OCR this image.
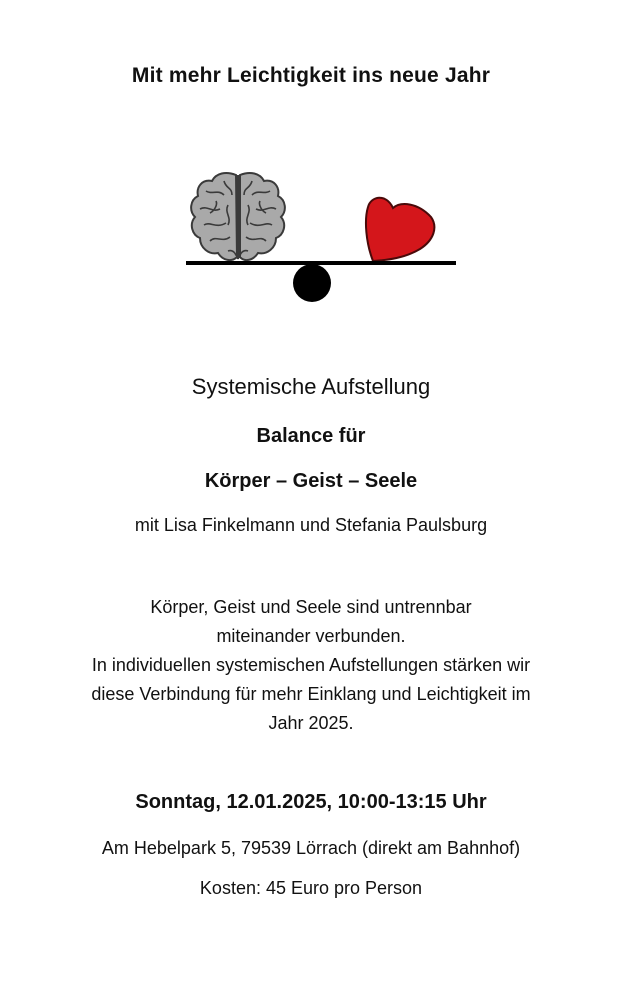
Mit mehr Leichtigkeit ins neue Jahr
Systemische Aufstellung
Balance für
Körper – Geist – Seele
mit Lisa Finkelmann und Stefania Paulsburg
Körper, Geist und Seele sind untrennbar
miteinander verbunden.
In individuellen systemischen Aufstellungen stärken wir
diese Verbindung für mehr Einklang und Leichtigkeit im
Jahr 2025.
Sonntag, 12.01.2025, 10:00-13:15 Uhr
Am Hebelpark 5, 79539 Lörrach (direkt am Bahnhof)
Kosten: 45 Euro pro Person
